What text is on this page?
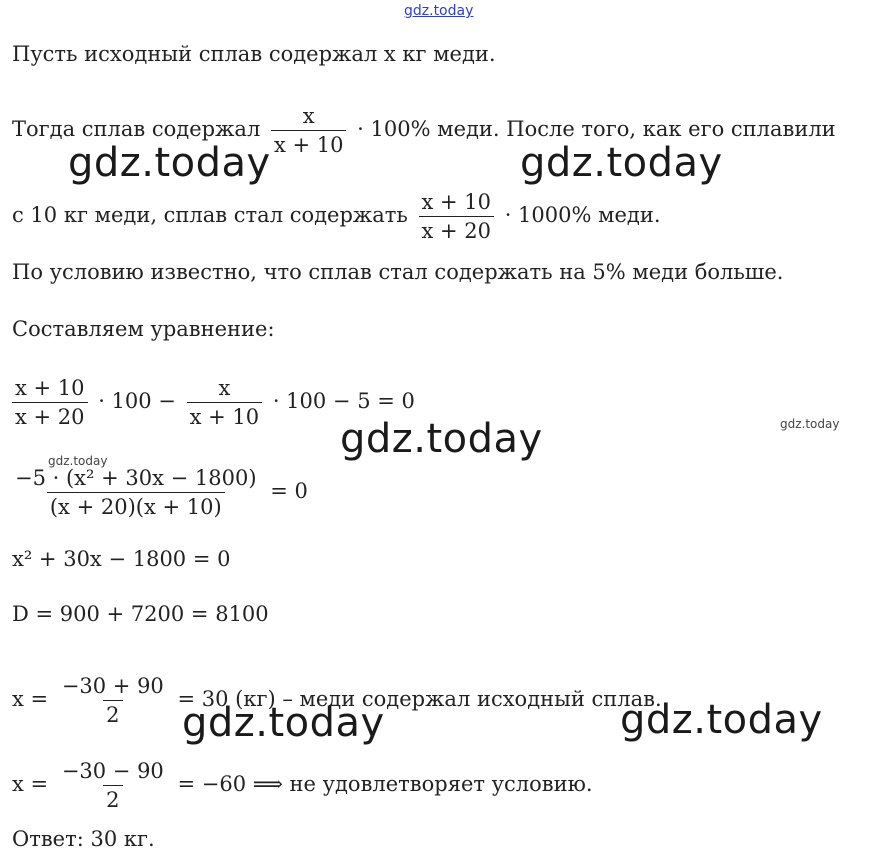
gdz.today
Пусть исходный сплав содержал x кг меди.
Тогда сплав содержал $\frac{x}{x + 10} \cdot 100\%$ меди. После того, как его сплавили
с 10 кг меди, сплав стал содержать $\frac{x + 10}{x + 20} \cdot 1000\%$ меди.
По условию известно, что сплав стал содержать на 5% меди больше.
Составляем уравнение:
$\frac{x + 10}{x + 20} \cdot 100 - \frac{x}{x + 10} \cdot 100 - 5 = 0$
$\frac{\text{−5 · (x² + 30x − 1800)}}{(x + 20)(x + 10)} = 0$
x² + 30x − 1800 = 0
D = 900 + 7200 = 8100
$x = \frac{-30 + 90}{2} = 30$ (кг) – меди содержал исходный сплав.
$x = \frac{-30 - 90}{2} = -60$ ⟹ не удовлетворяет условию.
Ответ: 30 кг.
gdz.today	gdz.today
gdz.today
gdz.today	gdz.today
gdz.today
gdz.today
